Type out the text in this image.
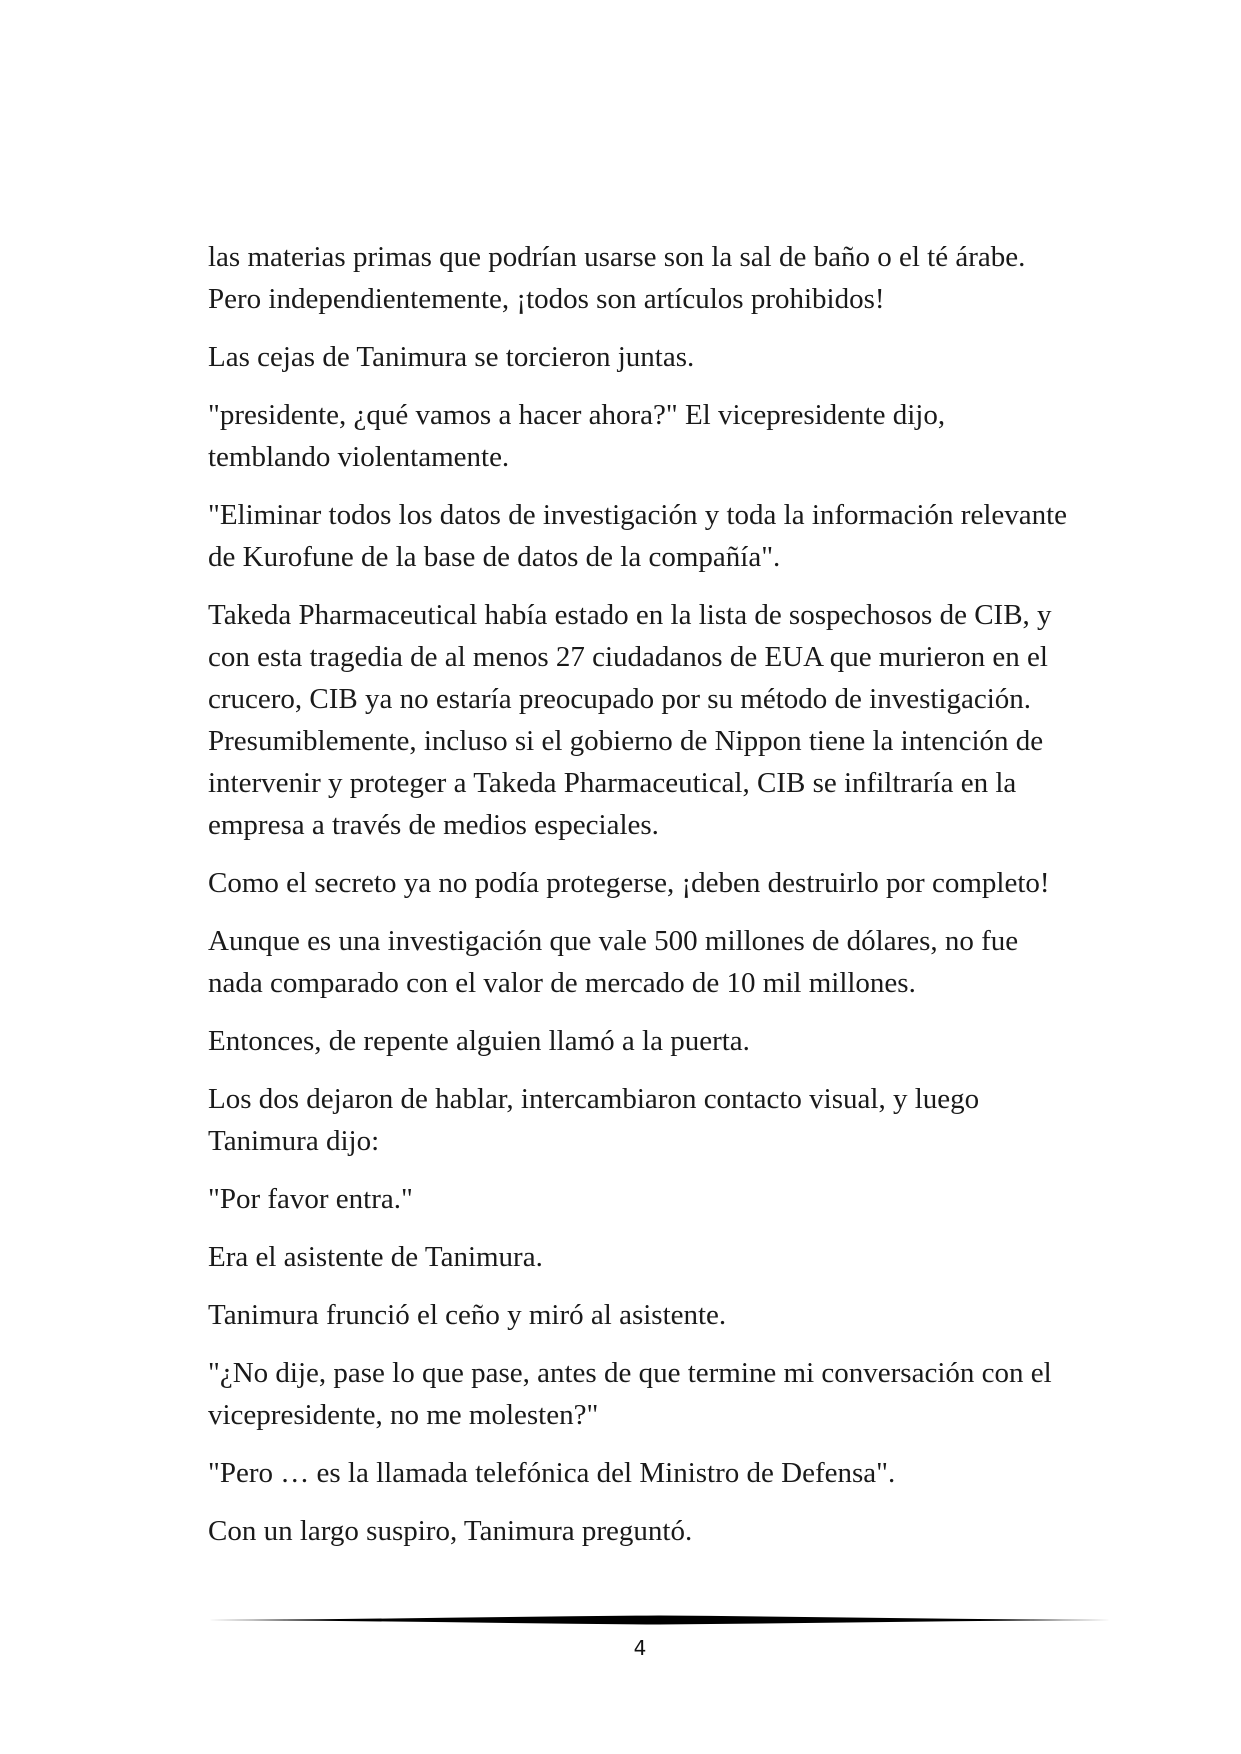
las materias primas que podrían usarse son la sal de baño o el té árabe. Pero independientemente, ¡todos son artículos prohibidos!

Las cejas de Tanimura se torcieron juntas.

"presidente, ¿qué vamos a hacer ahora?" El vicepresidente dijo, temblando violentamente.

"Eliminar todos los datos de investigación y toda la información relevante de Kurofune de la base de datos de la compañía".

Takeda Pharmaceutical había estado en la lista de sospechosos de CIB, y con esta tragedia de al menos 27 ciudadanos de EUA que murieron en el crucero, CIB ya no estaría preocupado por su método de investigación. Presumiblemente, incluso si el gobierno de Nippon tiene la intención de intervenir y proteger a Takeda Pharmaceutical, CIB se infiltraría en la empresa a través de medios especiales.

Como el secreto ya no podía protegerse, ¡deben destruirlo por completo!

Aunque es una investigación que vale 500 millones de dólares, no fue nada comparado con el valor de mercado de 10 mil millones.

Entonces, de repente alguien llamó a la puerta.

Los dos dejaron de hablar, intercambiaron contacto visual, y luego Tanimura dijo:

"Por favor entra."

Era el asistente de Tanimura.

Tanimura frunció el ceño y miró al asistente.

"¿No dije, pase lo que pase, antes de que termine mi conversación con el vicepresidente, no me molesten?"

"Pero … es la llamada telefónica del Ministro de Defensa".

Con un largo suspiro, Tanimura preguntó.

4
